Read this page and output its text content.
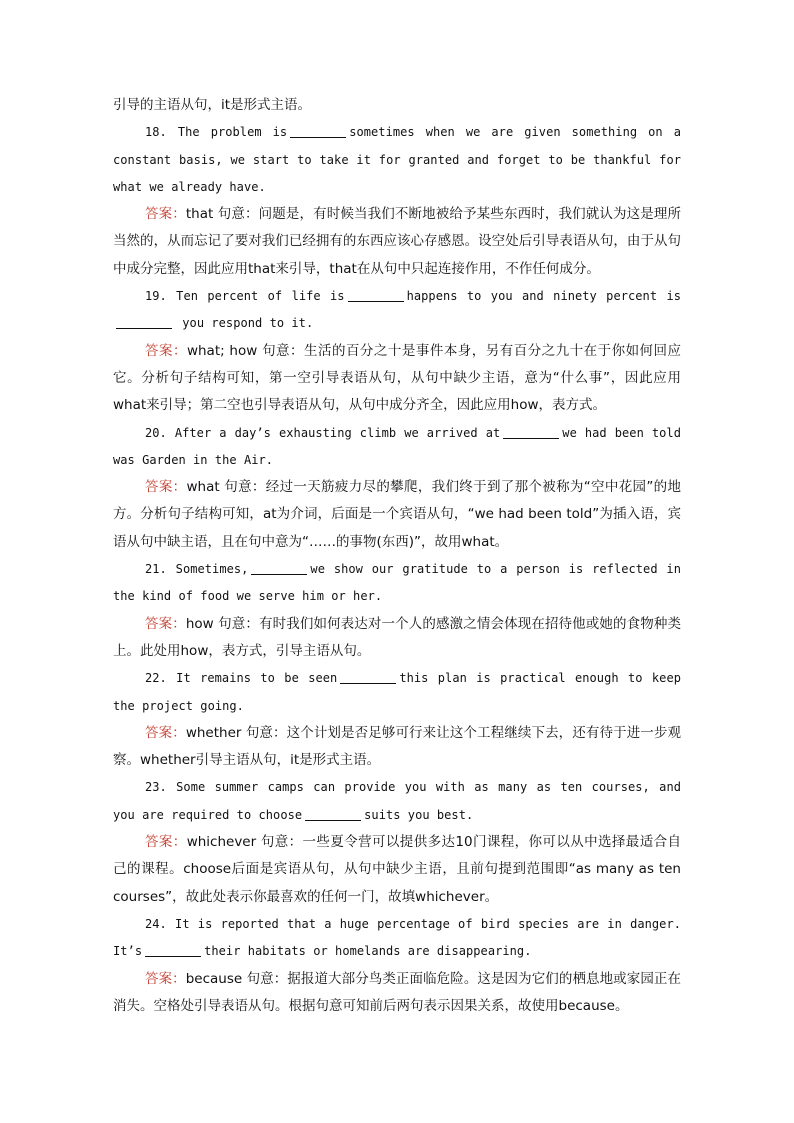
引导的主语从句，it是形式主语。

18. The problem is	sometimes when we are given something on a constant basis, we start to take it for granted and forget to be thankful for what we already have.

答案：that 句意：问题是，有时候当我们不断地被给予某些东西时，我们就认为这是理所当然的，从而忘记了要对我们已经拥有的东西应该心存感恩。设空处后引导表语从句，由于从句中成分完整，因此应用that来引导，that在从句中只起连接作用，不作任何成分。

19. Ten percent of life is	happens to you and ninety percent is you respond to it.

答案：what; how 句意：生活的百分之十是事件本身，另有百分之九十在于你如何回应它。分析句子结构可知，第一空引导表语从句，从句中缺少主语，意为“什么事”，因此应用what来引导；第二空也引导表语从句，从句中成分齐全，因此应用how，表方式。

20. After a day’s exhausting climb we arrived at	we had been told was Garden in the Air.

答案：what 句意：经过一天筋疲力尽的攀爬，我们终于到了那个被称为“空中花园”的地方。分析句子结构可知，at为介词，后面是一个宾语从句，“we had been told”为插入语，宾语从句中缺主语，且在句中意为“……的事物(东西)”，故用what。

21. Sometimes,	we show our gratitude to a person is reflected in the kind of food we serve him or her.

答案：how 句意：有时我们如何表达对一个人的感激之情会体现在招待他或她的食物种类上。此处用how，表方式，引导主语从句。

22. It remains to be seen	this plan is practical enough to keep the project going.

答案：whether 句意：这个计划是否足够可行来让这个工程继续下去，还有待于进一步观察。whether引导主语从句，it是形式主语。

23. Some summer camps can provide you with as many as ten courses, and you are required to choose	suits you best.

答案：whichever 句意：一些夏令营可以提供多达10门课程，你可以从中选择最适合自己的课程。choose后面是宾语从句，从句中缺少主语，且前句提到范围即“as many as ten courses”，故此处表示你最喜欢的任何一门，故填whichever。

24. It is reported that a huge percentage of bird species are in danger. It’s	their habitats or homelands are disappearing.

答案：because 句意：据报道大部分鸟类正面临危险。这是因为它们的栖息地或家园正在消失。空格处引导表语从句。根据句意可知前后两句表示因果关系，故使用because。
